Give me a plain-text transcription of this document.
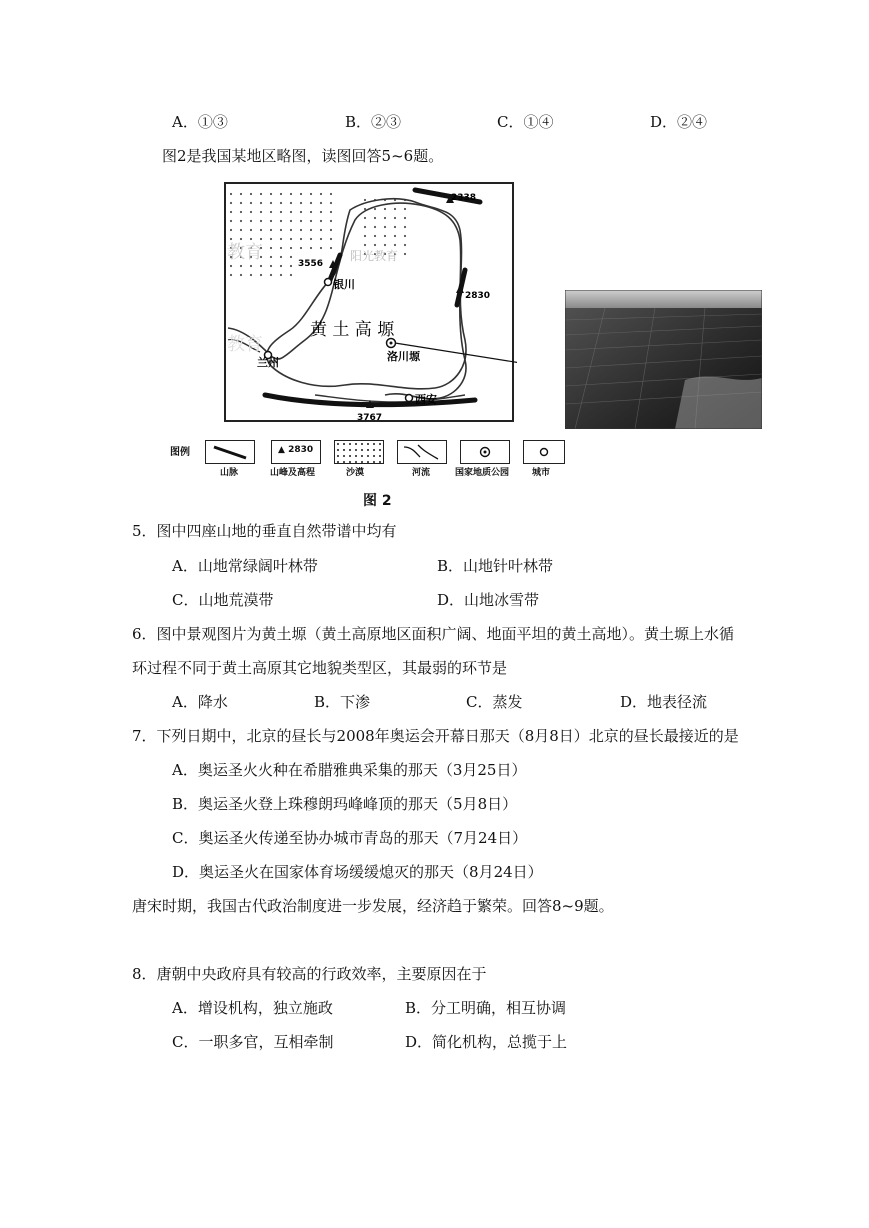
A．①③	B．②③	C．①④	D．②④
图2是我国某地区略图，读图回答5~6题。
2338
3556
2830
3767
教育	阳光教育
教育
银川
兰州
西安
洛川塬
黄 土 高 塬
图例	▲ 2830
山脉	山峰及高程	沙漠	河流	国家地质公园	城市
图 2
5．图中四座山地的垂直自然带谱中均有
A．山地常绿阔叶林带	B．山地针叶林带
C．山地荒漠带	D．山地冰雪带
6．图中景观图片为黄土塬（黄土高原地区面积广阔、地面平坦的黄土高地）。黄土塬上水循
环过程不同于黄土高原其它地貌类型区，其最弱的环节是
A．降水	B．下渗	C．蒸发	D．地表径流
7．下列日期中，北京的昼长与2008年奥运会开幕日那天（8月8日）北京的昼长最接近的是
A．奥运圣火火种在希腊雅典采集的那天（3月25日）
B．奥运圣火登上珠穆朗玛峰峰顶的那天（5月8日）
C．奥运圣火传递至协办城市青岛的那天（7月24日）
D．奥运圣火在国家体育场缓缓熄灭的那天（8月24日）
唐宋时期，我国古代政治制度进一步发展，经济趋于繁荣。回答8~9题。
8．唐朝中央政府具有较高的行政效率，主要原因在于
A．增设机构，独立施政	B．分工明确，相互协调
C．一职多官，互相牵制	D．简化机构，总揽于上
